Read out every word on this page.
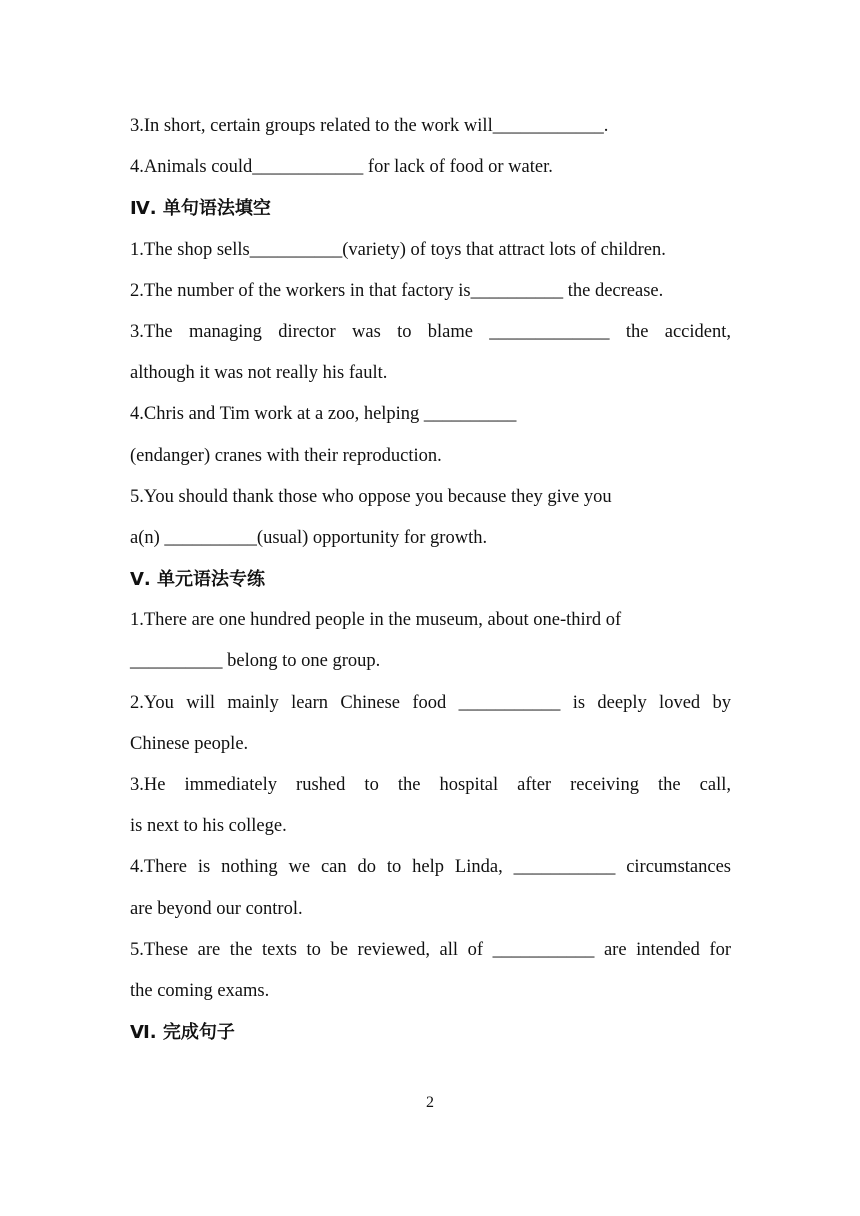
3.In short, certain groups related to the work will____________.
4.Animals could____________ for lack of food or water.
Ⅳ. 单句语法填空
1.The shop sells__________(variety) of toys that attract lots of children.
2.The number of the workers in that factory is__________ the decrease.
3.The managing director was to blame _____________ the accident,
although it was not really his fault.
4.Chris and Tim work at a zoo, helping __________
(endanger) cranes with their reproduction.
5.You should thank those who oppose you because they give you
a(n) __________(usual) opportunity for growth.
Ⅴ. 单元语法专练
1.There are one hundred people in the museum, about one-third of
__________ belong to one group.
2.You will mainly learn Chinese food ___________ is deeply loved by
Chinese people.
3.He immediately rushed to the hospital after receiving the call,
is next to his college.
4.There is nothing we can do to help Linda, ___________ circumstances
are beyond our control.
5.These are the texts to be reviewed, all of ___________ are intended for
the coming exams.
Ⅵ. 完成句子
2
